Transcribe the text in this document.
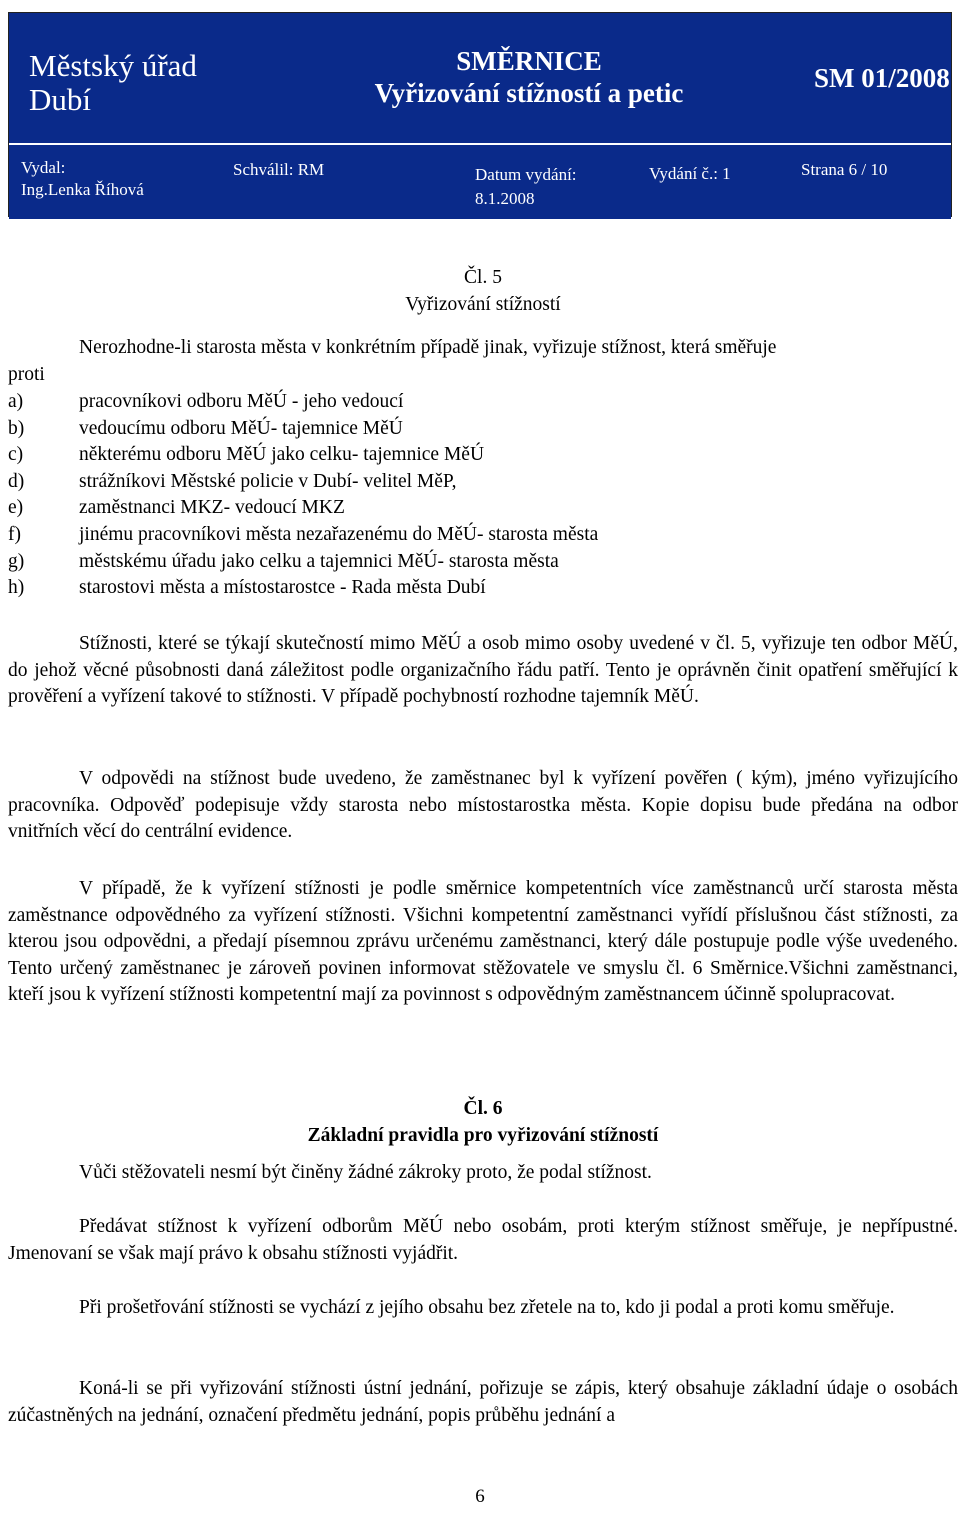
Městský úřad
Dubí
SMĚRNICE
Vyřizování stížností a petic	SM 01/2008
Vydal:
Ing.Lenka Říhová
Schválil: RM	Datum vydání:
8.1.2008
Vydání č.: 1	Strana 6 / 10
Čl. 5
Vyřizování stížností
Nerozhodne-li starosta města v konkrétním případě jinak, vyřizuje stížnost, která směřuje
proti
a)	pracovníkovi odboru MěÚ - jeho vedoucí
b)	vedoucímu odboru MěÚ- tajemnice MěÚ
c)	některému odboru MěÚ jako celku- tajemnice MěÚ
d)	strážníkovi Městské policie v Dubí- velitel MěP,
e)	zaměstnanci MKZ- vedoucí MKZ
f)	jinému pracovníkovi města nezařazenému do MěÚ- starosta města
g)	městskému úřadu jako celku a tajemnici MěÚ- starosta města
h)	starostovi města a místostarostce - Rada města Dubí

Stížnosti, které se týkají skutečností mimo MěÚ a osob mimo osoby uvedené v čl. 5, vyřizuje ten odbor MěÚ, do jehož věcné působnosti daná záležitost podle organizačního řádu patří. Tento je oprávněn činit opatření směřující k prověření a vyřízení takové to stížnosti. V případě pochybností rozhodne tajemník MěÚ.

V odpovědi na stížnost bude uvedeno, že zaměstnanec byl k vyřízení pověřen ( kým), jméno vyřizujícího pracovníka. Odpověď podepisuje vždy starosta nebo místostarostka města. Kopie dopisu bude předána na odbor vnitřních věcí do centrální evidence.

V případě, že k vyřízení stížnosti je podle směrnice kompetentních více zaměstnanců určí starosta města zaměstnance odpovědného za vyřízení stížnosti. Všichni kompetentní zaměstnanci vyřídí příslušnou část stížnosti, za kterou jsou odpovědni, a předají písemnou zprávu určenému zaměstnanci, který dále postupuje podle výše uvedeného. Tento určený zaměstnanec je zároveň povinen informovat stěžovatele ve smyslu čl. 6 Směrnice.Všichni zaměstnanci, kteří jsou k vyřízení stížnosti kompetentní mají za povinnost s odpovědným zaměstnancem účinně spolupracovat.

Čl. 6
Základní pravidla pro vyřizování stížností

Vůči stěžovateli nesmí být činěny žádné zákroky proto, že podal stížnost.

Předávat stížnost k vyřízení odborům MěÚ nebo osobám, proti kterým stížnost směřuje, je nepřípustné. Jmenovaní se však mají právo k obsahu stížnosti vyjádřit.

Při prošetřování stížnosti se vychází z jejího obsahu bez zřetele na to, kdo ji podal a proti komu směřuje.

Koná-li se při vyřizování stížnosti ústní jednání, pořizuje se zápis, který obsahuje základní údaje o osobách zúčastněných na jednání, označení předmětu jednání, popis průběhu jednání a

6
